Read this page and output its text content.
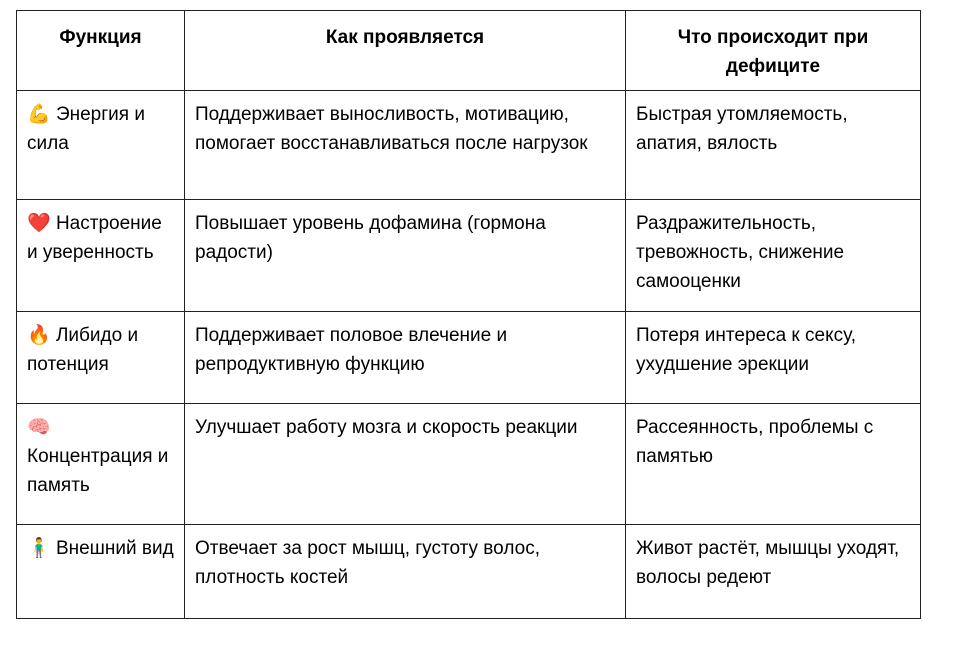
Функция	Как проявляется	Что происходит при дефиците
💪 Энергия и сила	Поддерживает выносливость, мотивацию, помогает восстанавливаться после нагрузок	Быстрая утомляемость, апатия, вялость
❤️ Настроение и уверенность	Повышает уровень дофамина (гормона радости)	Раздражительность, тревожность, снижение самооценки
🔥 Либидо и потенция	Поддерживает половое влечение и репродуктивную функцию	Потеря интереса к сексу, ухудшение эрекции
🧠 Концентрация и память	Улучшает работу мозга и скорость реакции	Рассеянность, проблемы с памятью
🧍‍♂️ Внешний вид	Отвечает за рост мышц, густоту волос, плотность костей	Живот растёт, мышцы уходят, волосы редеют
